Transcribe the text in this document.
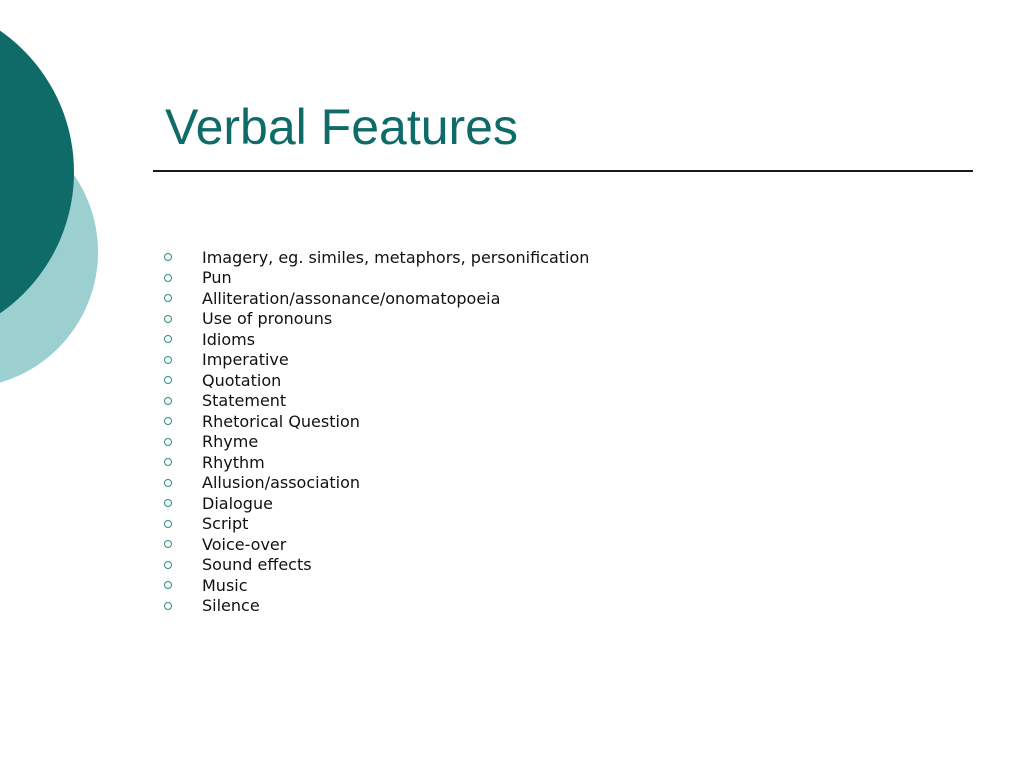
Verbal Features
Imagery, eg. similes, metaphors, personification
Pun
Alliteration/assonance/onomatopoeia
Use of pronouns
Idioms
Imperative
Quotation
Statement
Rhetorical Question
Rhyme
Rhythm
Allusion/association
Dialogue
Script
Voice-over
Sound effects
Music
Silence
